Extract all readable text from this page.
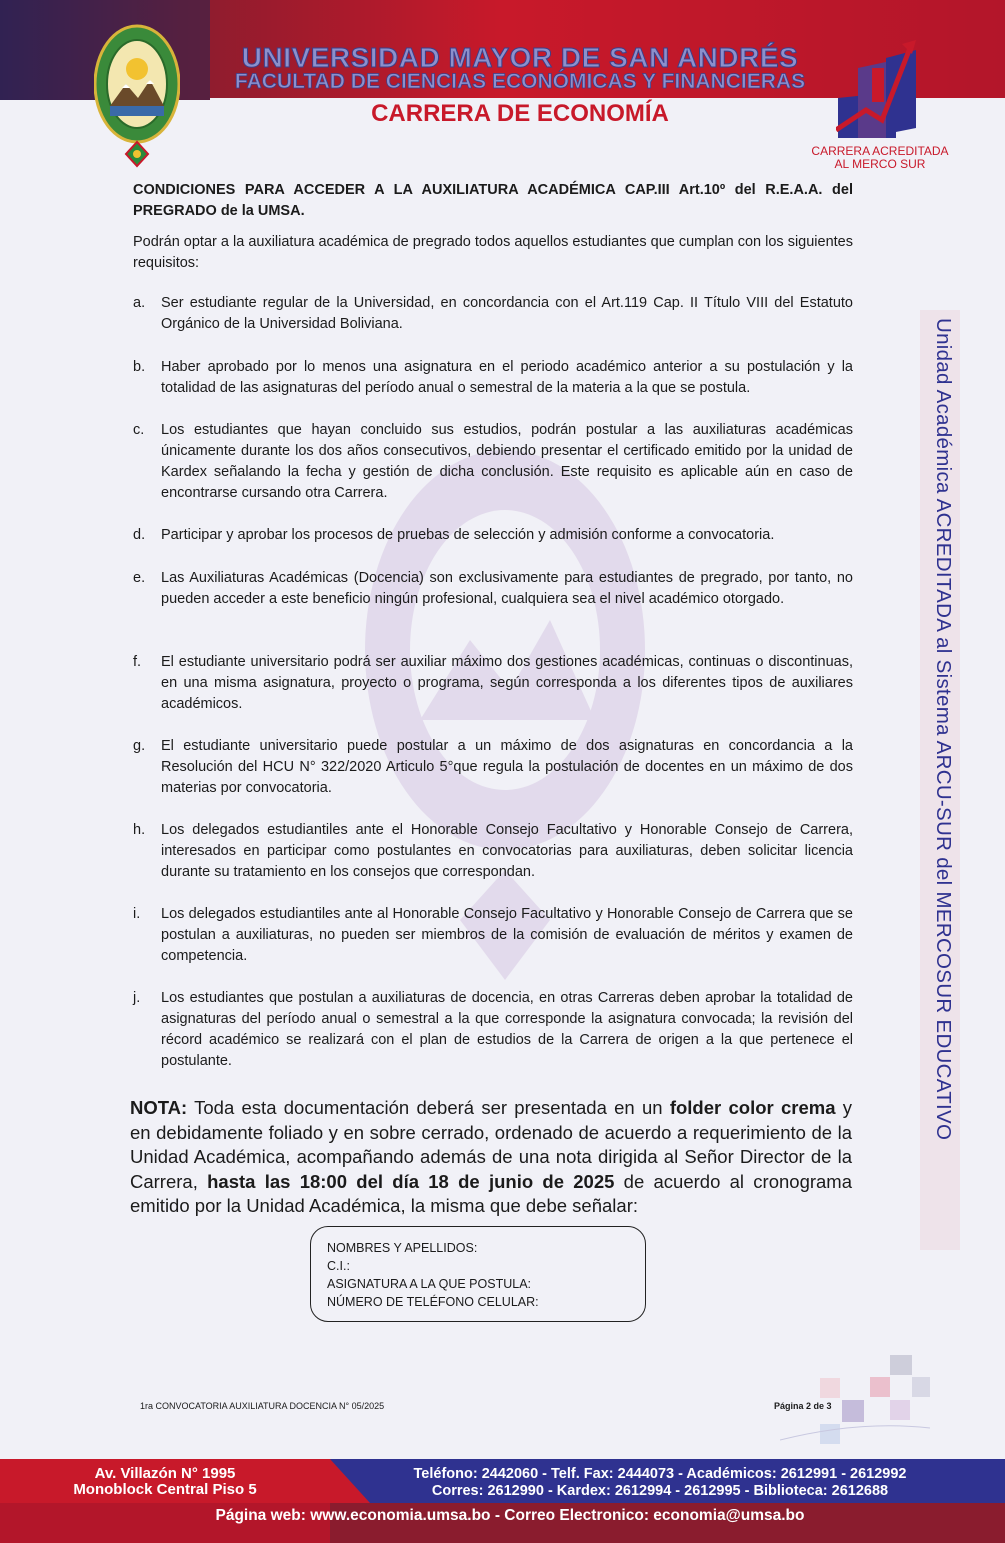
UNIVERSIDAD MAYOR DE SAN ANDRÉS
FACULTAD DE CIENCIAS ECONÓMICAS Y FINANCIERAS
CARRERA DE ECONOMÍA
CARRERA ACREDITADA
AL MERCO SUR
Unidad Académica ACREDITADA al Sistema ARCU-SUR del MERCOSUR EDUCATIVO
CONDICIONES PARA ACCEDER A LA AUXILIATURA ACADÉMICA CAP.III Art.10º del R.E.A.A. del PREGRADO de la UMSA.
Podrán optar a la auxiliatura académica de pregrado todos aquellos estudiantes que cumplan con los siguientes requisitos:
a.	Ser estudiante regular de la Universidad, en concordancia con el Art.119 Cap. II Título VIII del Estatuto Orgánico de la Universidad Boliviana.
b.	Haber aprobado por lo menos una asignatura en el periodo académico anterior a su postulación y la totalidad de las asignaturas del período anual o semestral de la materia a la que se postula.
c.	Los estudiantes que hayan concluido sus estudios, podrán postular a las auxiliaturas académicas únicamente durante los dos años consecutivos, debiendo presentar el certificado emitido por la unidad de Kardex señalando la fecha y gestión de dicha conclusión. Este requisito es aplicable aún en caso de encontrarse cursando otra Carrera.
d.	Participar y aprobar los procesos de pruebas de selección y admisión conforme a convocatoria.
e.	Las Auxiliaturas Académicas (Docencia) son exclusivamente para estudiantes de pregrado, por tanto, no pueden acceder a este beneficio ningún profesional, cualquiera sea el nivel académico otorgado.
f.	El estudiante universitario podrá ser auxiliar máximo dos gestiones académicas, continuas o discontinuas, en una misma asignatura, proyecto o programa, según corresponda a los diferentes tipos de auxiliares académicos.
g.	El estudiante universitario puede postular a un máximo de dos asignaturas en concordancia a la Resolución del HCU N° 322/2020 Articulo 5°que regula la postulación de docentes en un máximo de dos materias por convocatoria.
h.	Los delegados estudiantiles ante el Honorable Consejo Facultativo y Honorable Consejo de Carrera, interesados en participar como postulantes en convocatorias para auxiliaturas, deben solicitar licencia durante su tratamiento en los consejos que correspondan.
i.	Los delegados estudiantiles ante al Honorable Consejo Facultativo y Honorable Consejo de Carrera que se postulan a auxiliaturas, no pueden ser miembros de la comisión de evaluación de méritos y examen de competencia.
j.	Los estudiantes que postulan a auxiliaturas de docencia, en otras Carreras deben aprobar la totalidad de asignaturas del período anual o semestral a la que corresponde la asignatura convocada; la revisión del récord académico se realizará con el plan de estudios de la Carrera de origen a la que pertenece el postulante.
NOTA: Toda esta documentación deberá ser presentada en un folder color crema y en debidamente foliado y en sobre cerrado, ordenado de acuerdo a requerimiento de la Unidad Académica, acompañando además de una nota dirigida al Señor Director de la Carrera, hasta las 18:00 del día 18 de junio de 2025 de acuerdo al cronograma emitido por la Unidad Académica, la misma que debe señalar:
NOMBRES Y APELLIDOS:
C.I.:
ASIGNATURA A LA QUE POSTULA:
NÚMERO DE TELÉFONO CELULAR:
1ra CONVOCATORIA AUXILIATURA DOCENCIA N° 05/2025	Página 2 de 3
Av. Villazón N° 1995
Monoblock Central Piso 5
Teléfono: 2442060 - Telf. Fax: 2444073 - Académicos: 2612991 - 2612992
Corres: 2612990 - Kardex: 2612994 - 2612995 - Biblioteca: 2612688
Página web: www.economia.umsa.bo - Correo Electronico: economia@umsa.bo
